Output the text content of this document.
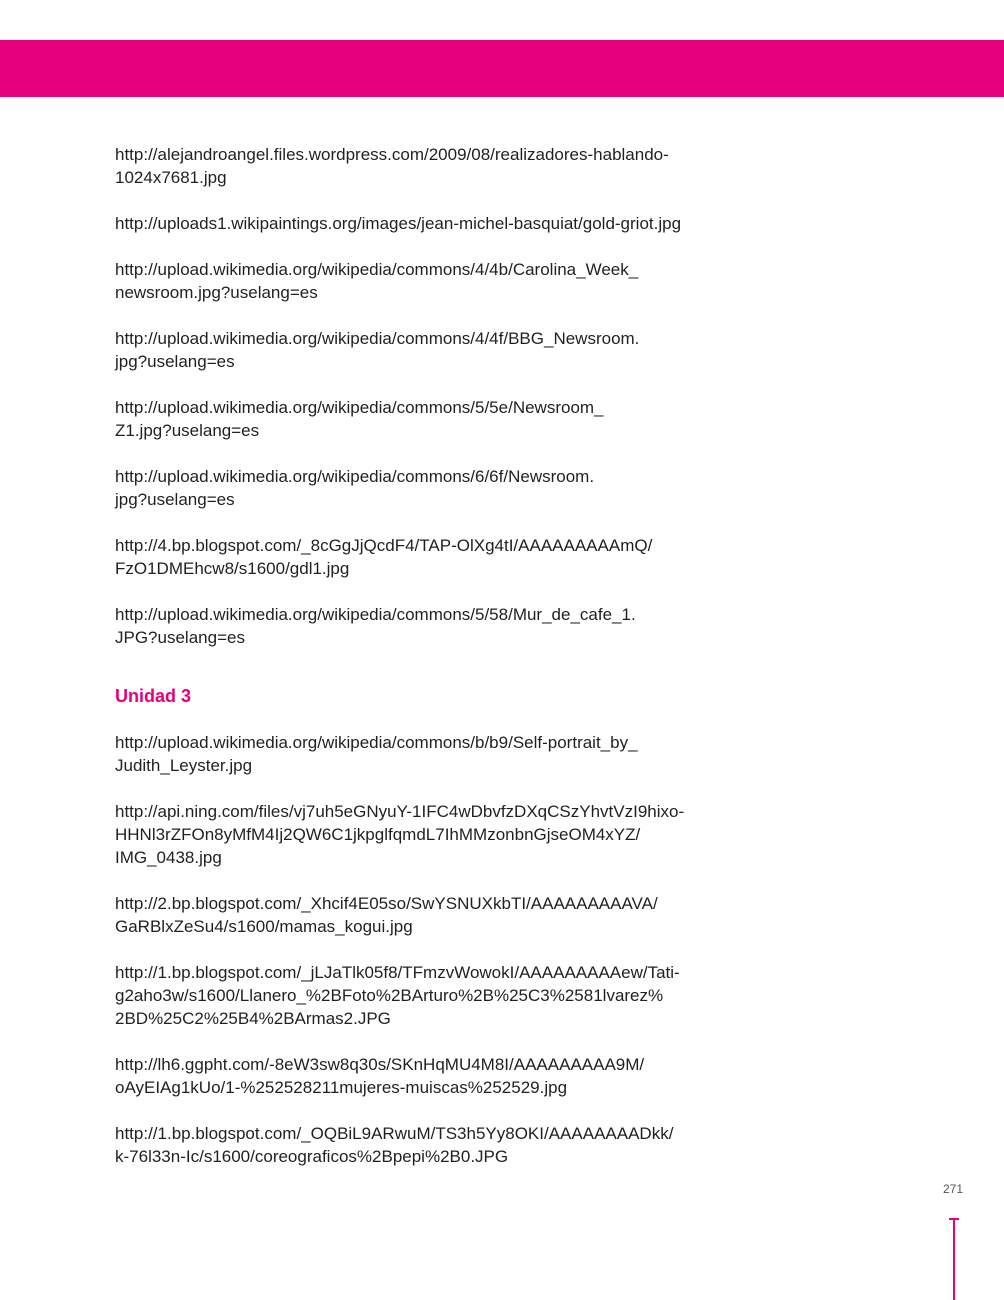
http://alejandroangel.files.wordpress.com/2009/08/realizadores-hablando-
1024x7681.jpg
http://uploads1.wikipaintings.org/images/jean-michel-basquiat/gold-griot.jpg
http://upload.wikimedia.org/wikipedia/commons/4/4b/Carolina_Week_
newsroom.jpg?uselang=es
http://upload.wikimedia.org/wikipedia/commons/4/4f/BBG_Newsroom.
jpg?uselang=es
http://upload.wikimedia.org/wikipedia/commons/5/5e/Newsroom_
Z1.jpg?uselang=es
http://upload.wikimedia.org/wikipedia/commons/6/6f/Newsroom.
jpg?uselang=es
http://4.bp.blogspot.com/_8cGgJjQcdF4/TAP-OlXg4tI/AAAAAAAAAmQ/
FzO1DMEhcw8/s1600/gdl1.jpg
http://upload.wikimedia.org/wikipedia/commons/5/58/Mur_de_cafe_1.
JPG?uselang=es
Unidad 3
http://upload.wikimedia.org/wikipedia/commons/b/b9/Self-portrait_by_
Judith_Leyster.jpg
http://api.ning.com/files/vj7uh5eGNyuY-1IFC4wDbvfzDXqCSzYhvtVzI9hixo-
HHNl3rZFOn8yMfM4Ij2QW6C1jkpglfqmdL7IhMMzonbnGjseOM4xYZ/
IMG_0438.jpg
http://2.bp.blogspot.com/_Xhcif4E05so/SwYSNUXkbTI/AAAAAAAAAVA/
GaRBlxZeSu4/s1600/mamas_kogui.jpg
http://1.bp.blogspot.com/_jLJaTlk05f8/TFmzvWowokI/AAAAAAAAAew/Tati-
g2aho3w/s1600/Llanero_%2BFoto%2BArturo%2B%25C3%2581lvarez%
2BD%25C2%25B4%2BArmas2.JPG
http://lh6.ggpht.com/-8eW3sw8q30s/SKnHqMU4M8I/AAAAAAAAA9M/
oAyEIAg1kUo/1-%252528211mujeres-muiscas%252529.jpg
http://1.bp.blogspot.com/_OQBiL9ARwuM/TS3h5Yy8OKI/AAAAAAAADkk/
k-76l33n-Ic/s1600/coreograficos%2Bpepi%2B0.JPG
271
